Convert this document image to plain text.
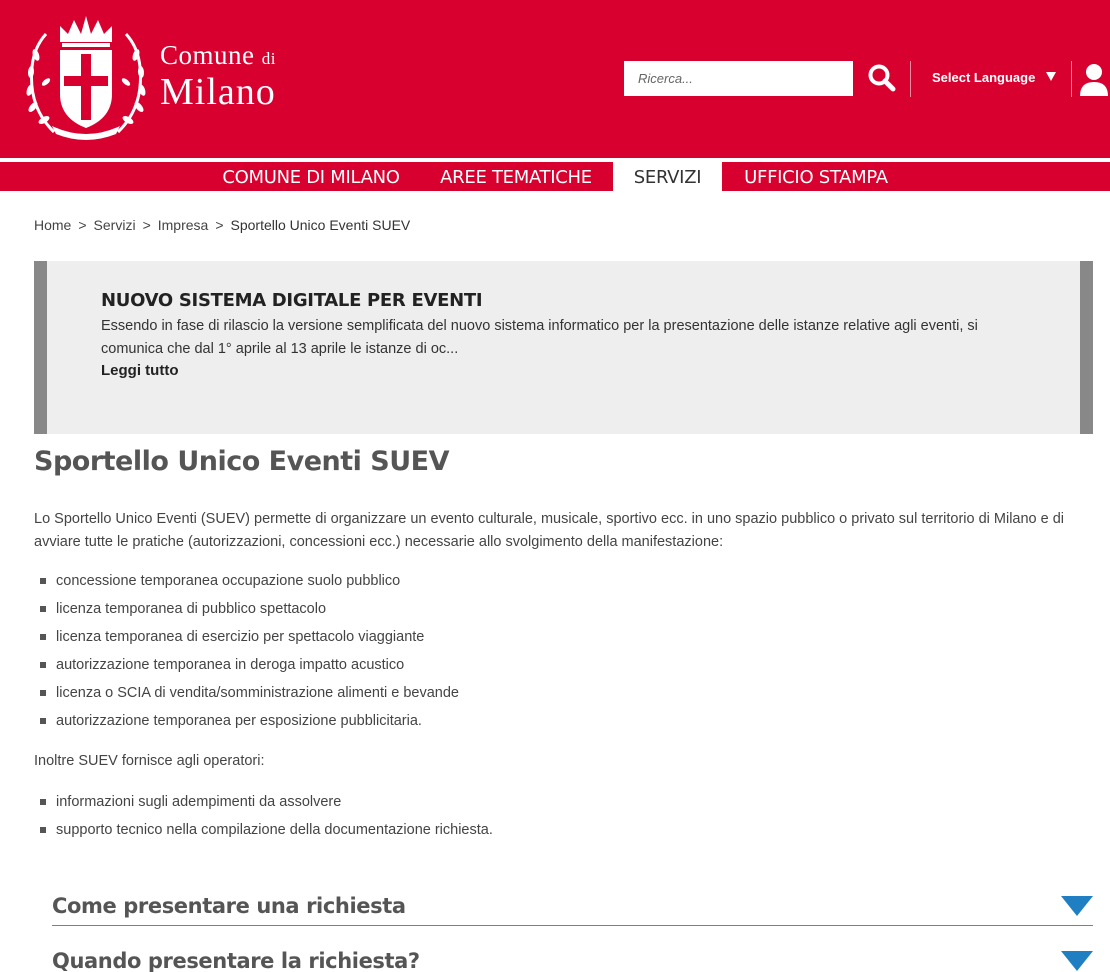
Comune di
Milano
Ricerca...	Select Language
COMUNE DI MILANO	AREE TEMATICHE	SERVIZI	UFFICIO STAMPA
Home > Servizi > Impresa > Sportello Unico Eventi SUEV
NUOVO SISTEMA DIGITALE PER EVENTI
Essendo in fase di rilascio la versione semplificata del nuovo sistema informatico per la presentazione delle istanze relative agli eventi, si comunica che dal 1° aprile al 13 aprile le istanze di oc...
Leggi tutto
Sportello Unico Eventi SUEV

Lo Sportello Unico Eventi (SUEV) permette di organizzare un evento culturale, musicale, sportivo ecc. in uno spazio pubblico o privato sul territorio di Milano e di avviare tutte le pratiche (autorizzazioni, concessioni ecc.) necessarie allo svolgimento della manifestazione:

concessione temporanea occupazione suolo pubblico
licenza temporanea di pubblico spettacolo
licenza temporanea di esercizio per spettacolo viaggiante
autorizzazione temporanea in deroga impatto acustico
licenza o SCIA di vendita/somministrazione alimenti e bevande
autorizzazione temporanea per esposizione pubblicitaria.

Inoltre SUEV fornisce agli operatori:

informazioni sugli adempimenti da assolvere
supporto tecnico nella compilazione della documentazione richiesta.
Come presentare una richiesta
Quando presentare la richiesta?
